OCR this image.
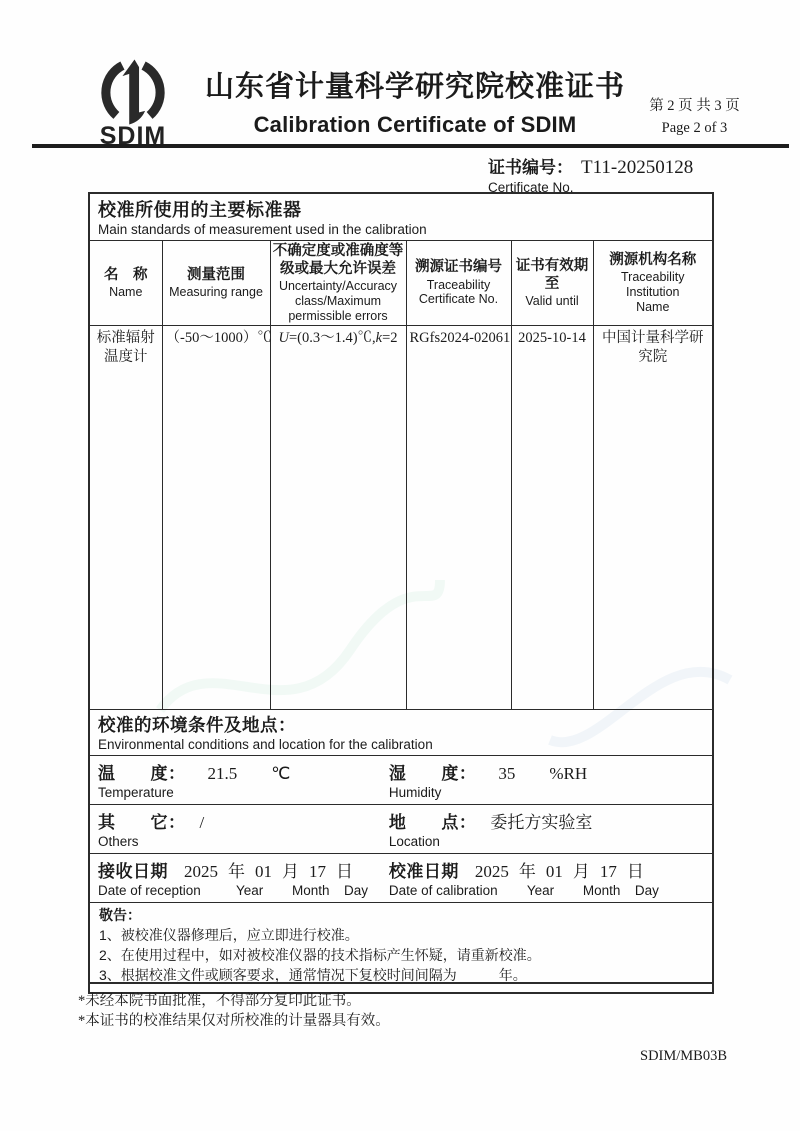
SDIM
山东省计量科学研究院校准证书
Calibration Certificate of SDIM
第 2 页 共 3 页
Page 2 of 3
证书编号： T11-20250128
Certificate No.
校准所使用的主要标准器
Main standards of measurement used in the calibration
名　称
Name

测量范围
Measuring range

不确定度或准确度等级或最大允许误差
Uncertainty/Accuracy class/Maximum permissible errors

溯源证书编号
Traceability Certificate No.

证书有效期至
Valid until

溯源机构名称
Traceability Institution Name

标准辐射温度计	（-50～1000）℃	U=(0.3～1.4)℃,k=2	RGfs2024-02061	2025-10-14	中国计量科学研究院
校准的环境条件及地点：
Environmental conditions and location for the calibration
温　　度： 21.5 ℃
Temperature
湿　　度： 35 %RH
Humidity
其　　它： /
Others
地　　点： 委托方实验室
Location
接收日期 2025 年 01 月 17 日
Date of reception	Year	Month	Day
校准日期 2025 年 01 月 17 日
Date of calibration	Year	Month	Day
敬告：
1、被校准仪器修理后，应立即进行校准。
2、在使用过程中，如对被校准仪器的技术指标产生怀疑，请重新校准。
3、根据校准文件或顾客要求，通常情况下复校时间间隔为　　　年。
*未经本院书面批准，不得部分复印此证书。
*本证书的校准结果仅对所校准的计量器具有效。
SDIM/MB03B
